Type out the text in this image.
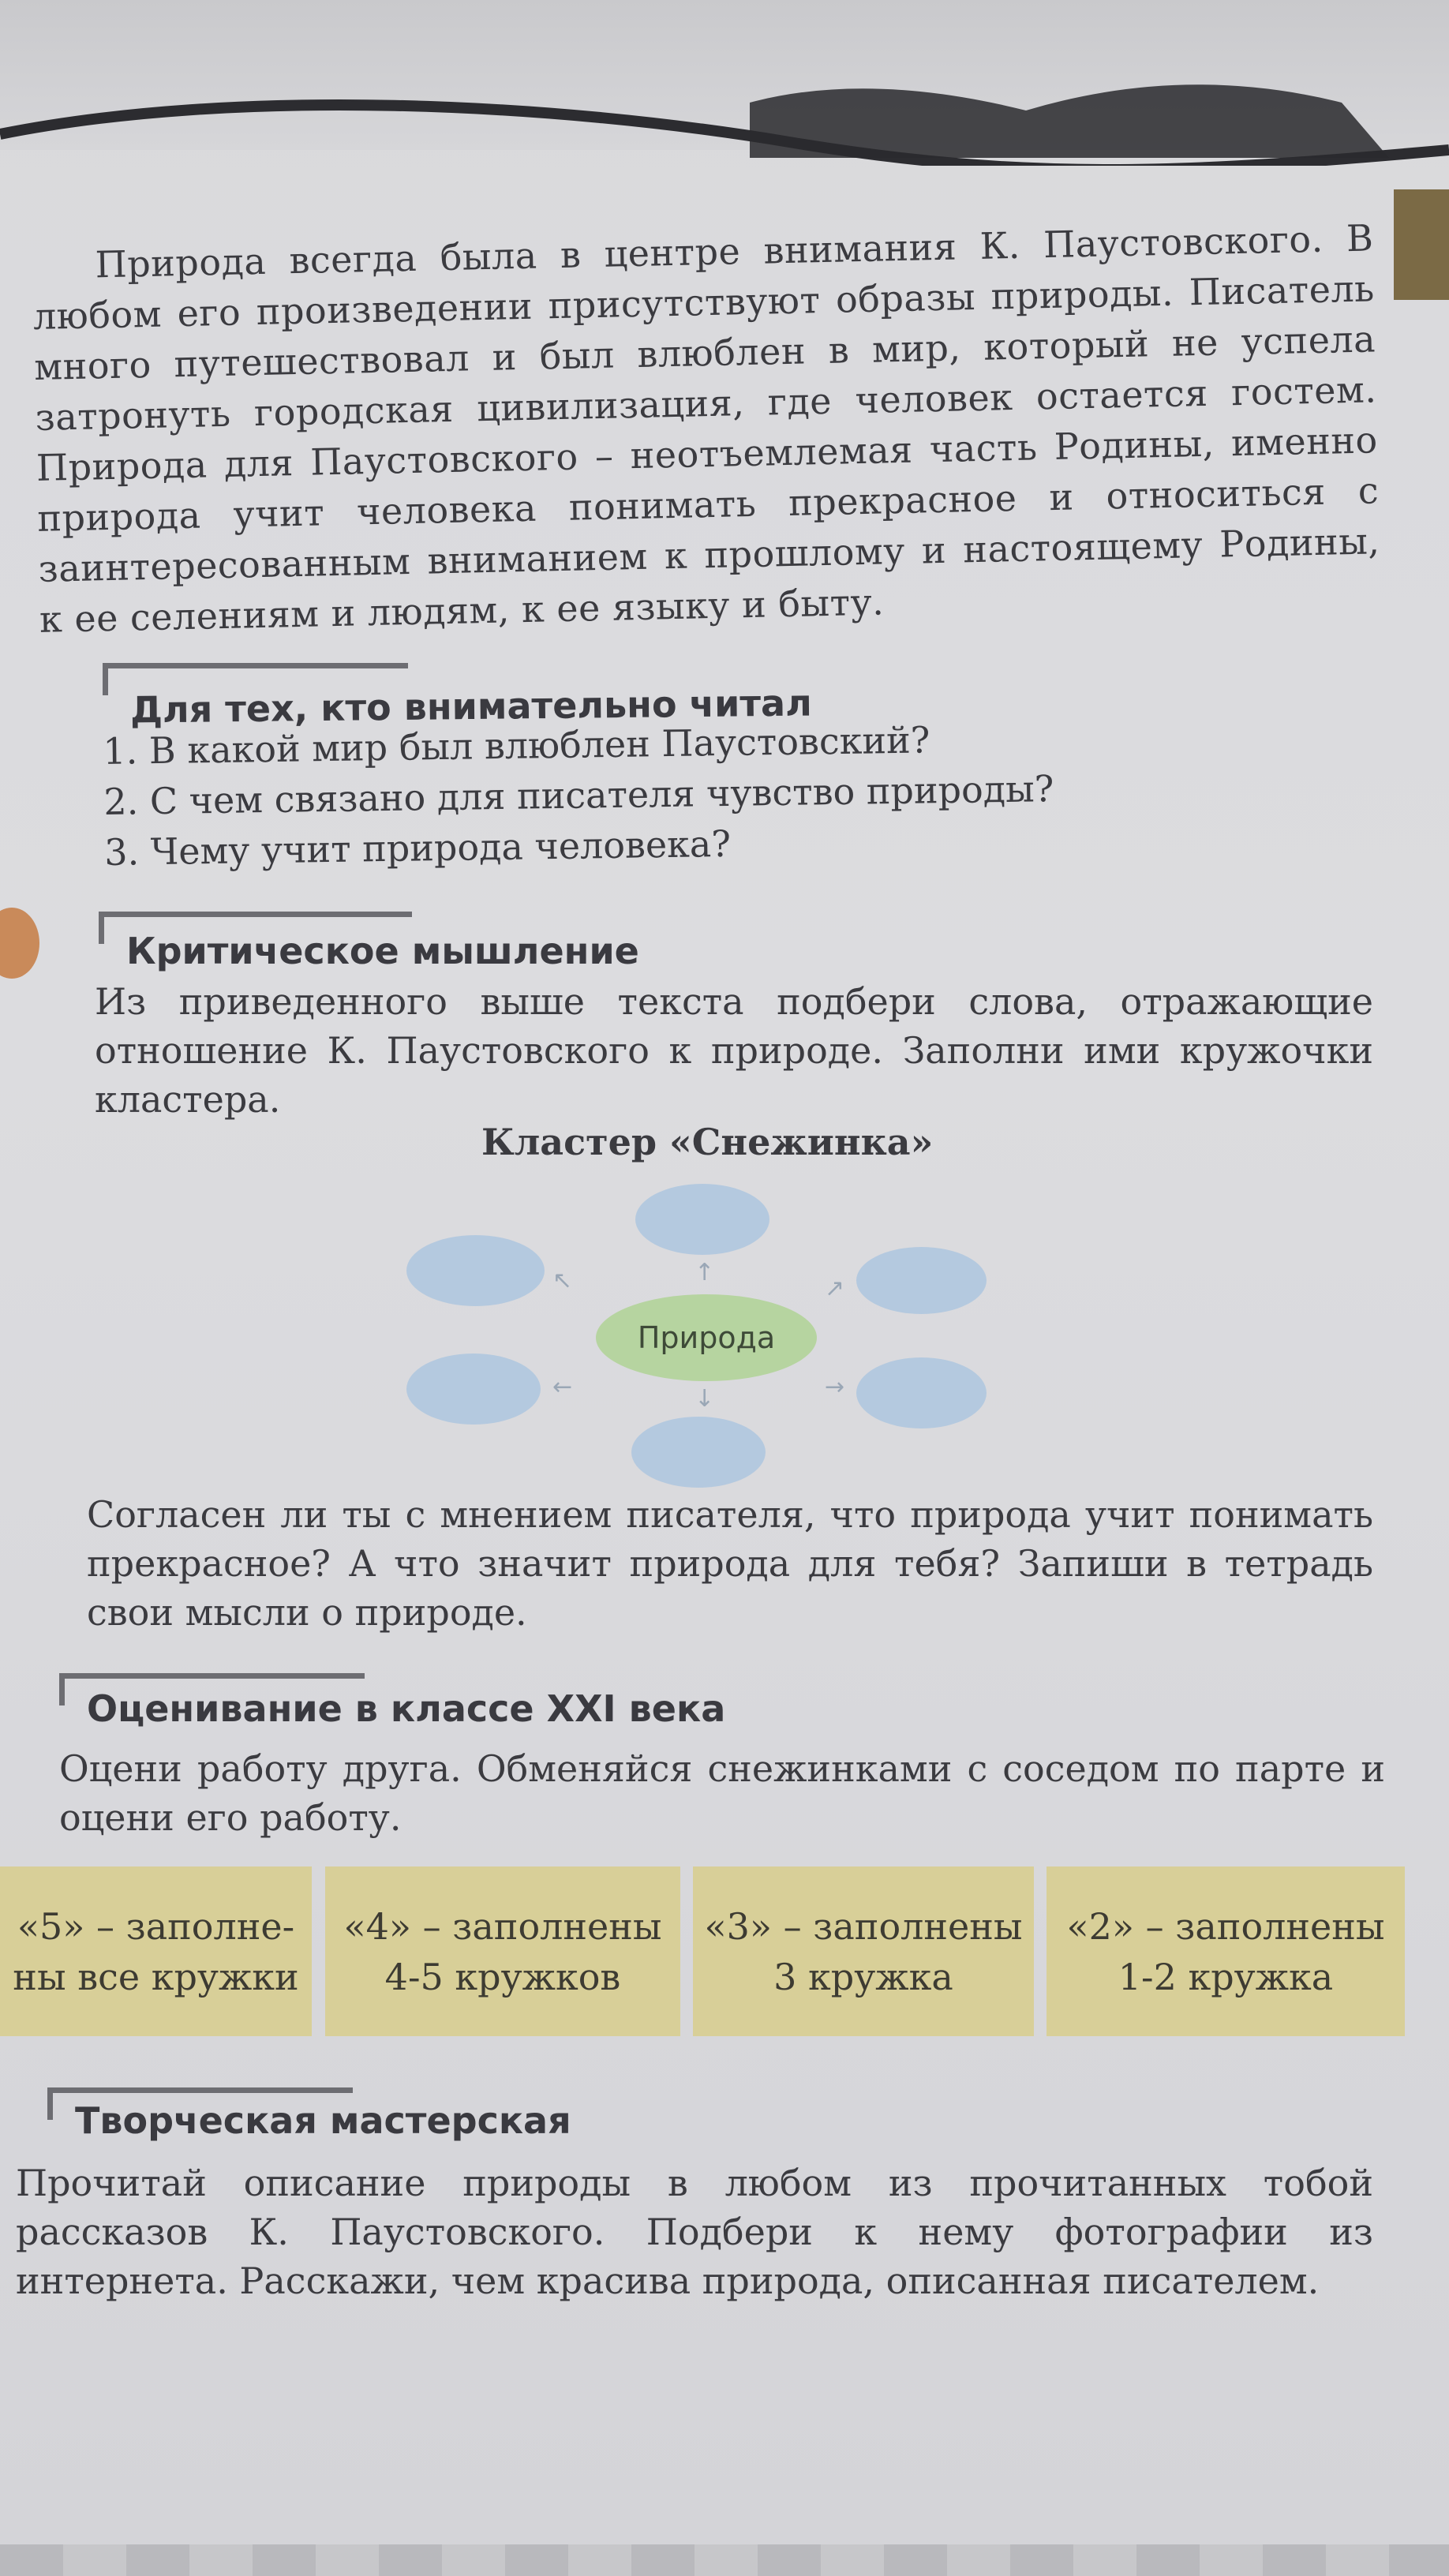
Природа всегда была в центре внимания К. Паустовского. В любом его произведении присутствуют образы природы. Писатель много путешествовал и был влюблен в мир, который не успела затронуть городская цивилизация, где человек остается гостем. Природа для Паустовского – неотъемлемая часть Родины, именно природа учит человека понимать прекрасное и относиться с заинтересованным вниманием к прошлому и настоящему Родины, к ее селениям и людям, к ее языку и быту.

Для тех, кто внимательно читал
1. В какой мир был влюблен Паустовский?
2. С чем связано для писателя чувство природы?
3. Чему учит природа человека?
Критическое мышление
Из приведенного выше текста подбери слова, отражающие отношение К. Паустовского к природе. Заполни ими кружочки кластера.
Кластер «Снежинка»
Природа
↑
↖	↗
←	→
↓
Согласен ли ты с мнением писателя, что природа учит понимать прекрасное? А что значит природа для тебя? Запиши в тетрадь свои мысли о природе.
Оценивание в классе XXI века
Оцени работу друга. Обменяйся снежинками с соседом по парте и оцени его работу.
«5» – заполне-
ны все кружки
«4» – заполнены
4-5 кружков
«3» – заполнены
3 кружка
«2» – заполнены
1-2 кружка
Творческая мастерская
Прочитай описание природы в любом из прочитанных тобой рассказов К. Паустовского. Подбери к нему фотографии из интернета. Расскажи, чем красива природа, описанная писателем.
